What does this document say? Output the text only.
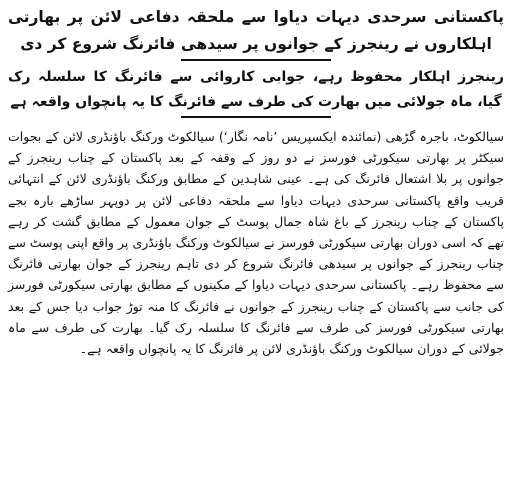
پاکستانی سرحدی دیہات دیاوا سے ملحقہ دفاعی لائن پر بھارتی اہلکاروں نے رینجرز کے جوانوں پر سیدھی فائرنگ شروع کر دی
رینجرز اہلکار محفوظ رہے، جوابی کاروائی سے فائرنگ کا سلسلہ رک گیا، ماہ جولائی میں بھارت کی طرف سے فائرنگ کا یہ پانچواں واقعہ ہے

سیالکوٹ، باجرہ گڑھی (نمائندہ ایکسپریس ’نامہ نگار‘) سیالکوٹ ورکنگ باؤنڈری لائن کے بجوات سیکٹر پر بھارتی سیکورٹی فورسز نے دو روز کے وقفہ کے بعد پاکستان کے چناب رینجرز کے جوانوں پر بلا اشتعال فائرنگ کی ہے۔ عینی شاہدین کے مطابق ورکنگ باؤنڈری لائن کے انتہائی قریب واقع پاکستانی سرحدی دیہات دیاوا سے ملحقہ دفاعی لائن پر دوپہر ساڑھے بارہ بجے پاکستان کے چناب رینجرز کے باغ شاہ جمال پوسٹ کے جوان معمول کے مطابق گشت کر رہے تھے کہ اسی دوران بھارتی سیکورٹی فورسز نے سیالکوٹ ورکنگ باؤنڈری پر واقع اپنی پوسٹ سے چناب رینجرز کے جوانوں پر سیدھی فائرنگ شروع کر دی تاہم رینجرز کے جوان بھارتی فائرنگ سے محفوظ رہے۔ پاکستانی سرحدی دیہات دیاوا کے مکینوں کے مطابق بھارتی سیکورٹی فورسز کی جانب سے پاکستان کے چناب رینجرز کے جوانوں نے فائرنگ کا منہ توڑ جواب دیا جس کے بعد بھارتی سیکورٹی فورسز کی طرف سے فائرنگ کا سلسلہ رک گیا۔ بھارت کی طرف سے ماہ جولائی کے دوران سیالکوٹ ورکنگ باؤنڈری لائن پر فائرنگ کا یہ پانچواں واقعہ ہے۔
